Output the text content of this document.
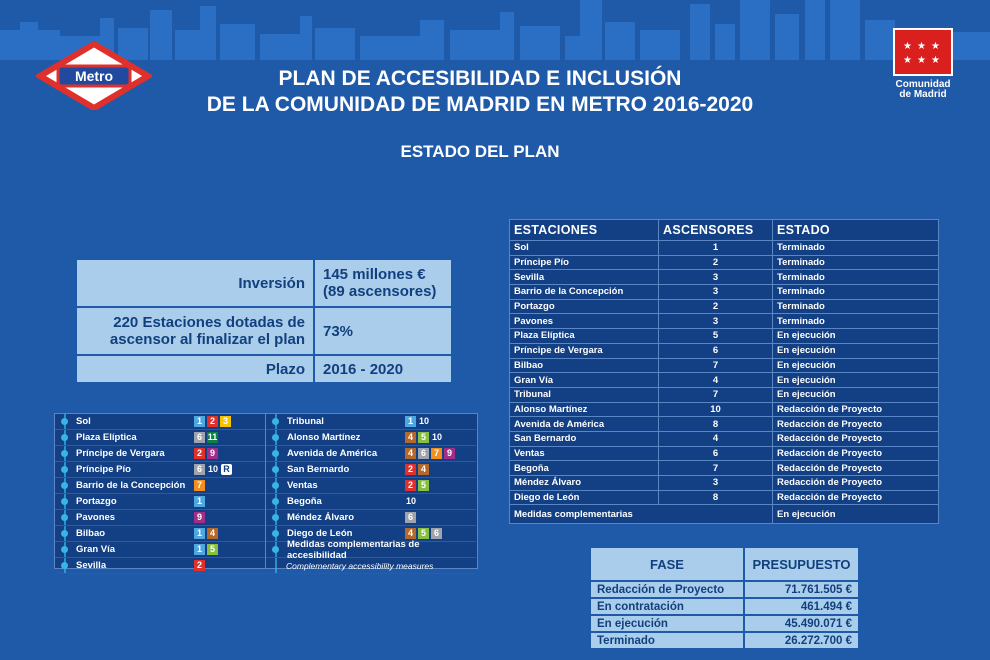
Metro
★ ★ ★
★ ★ ★
Comunidad de Madrid
PLAN DE ACCESIBILIDAD E INCLUSIÓN
DE LA COMUNIDAD DE MADRID EN METRO 2016-2020
ESTADO DEL PLAN
Inversión	145 millones € (89 ascensores)
220 Estaciones dotadas de ascensor al finalizar el plan	73%
Plazo	2016 - 2020
Sol	1 2 3
Plaza Elíptica	6 11
Príncipe de Vergara	2 9
Príncipe Pío	6 10 R
Barrio de la Concepción	7
Portazgo	1
Pavones	9
Bilbao	1 4
Gran Vía	1 5
Sevilla	2
Tribunal	1 10
Alonso Martínez	4 5 10
Avenida de América	4 6 7 9
San Bernardo	2 4
Ventas	2 5
Begoña	10
Méndez Álvaro	6
Diego de León	4 5 6
Medidas complementarias de accesibilidad
Complementary accessibility measures
ESTACIONES	ASCENSORES	ESTADO
Sol	1	Terminado
Príncipe Pío	2	Terminado
Sevilla	3	Terminado
Barrio de la Concepción	3	Terminado
Portazgo	2	Terminado
Pavones	3	Terminado
Plaza Elíptica	5	En ejecución
Príncipe de Vergara	6	En ejecución
Bilbao	7	En ejecución
Gran Vía	4	En ejecución
Tribunal	7	En ejecución
Alonso Martínez	10	Redacción de Proyecto
Avenida de América	8	Redacción de Proyecto
San Bernardo	4	Redacción de Proyecto
Ventas	6	Redacción de Proyecto
Begoña	7	Redacción de Proyecto
Méndez Álvaro	3	Redacción de Proyecto
Diego de León	8	Redacción de Proyecto
Medidas complementarias		En ejecución
FASE	PRESUPUESTO
Redacción de Proyecto	71.761.505 €
En contratación	461.494 €
En ejecución	45.490.071 €
Terminado	26.272.700 €
